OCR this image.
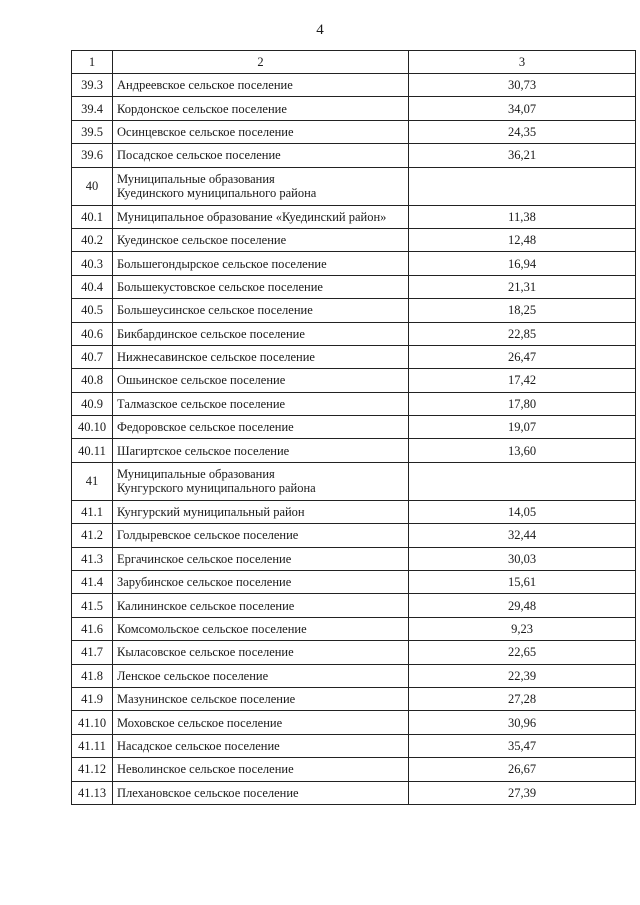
4
1	2	3
39.3	Андреевское сельское поселение	30,73
39.4	Кордонское сельское поселение	34,07
39.5	Осинцевское сельское поселение	24,35
39.6	Посадское сельское поселение	36,21
40	Муниципальные образования
Куединского муниципального района	

40.1	Муниципальное образование «Куединский район»	11,38
40.2	Куединское сельское поселение	12,48
40.3	Большегондырское сельское поселение	16,94
40.4	Большекустовское сельское поселение	21,31
40.5	Большеусинское сельское поселение	18,25
40.6	Бикбардинское сельское поселение	22,85
40.7	Нижнесавинское сельское поселение	26,47
40.8	Ошьинское сельское поселение	17,42
40.9	Талмазское сельское поселение	17,80
40.10	Федоровское сельское поселение	19,07
40.11	Шагиртское сельское поселение	13,60
41	Муниципальные образования
Кунгурского муниципального района	

41.1	Кунгурский муниципальный район	14,05
41.2	Голдыревское сельское поселение	32,44
41.3	Ергачинское сельское поселение	30,03
41.4	Зарубинское сельское поселение	15,61
41.5	Калининское сельское поселение	29,48
41.6	Комсомольское сельское поселение	9,23
41.7	Кыласовское сельское поселение	22,65
41.8	Ленское сельское поселение	22,39
41.9	Мазунинское сельское поселение	27,28
41.10	Моховское сельское поселение	30,96
41.11	Насадское сельское поселение	35,47
41.12	Неволинское сельское поселение	26,67
41.13	Плехановское сельское поселение	27,39
